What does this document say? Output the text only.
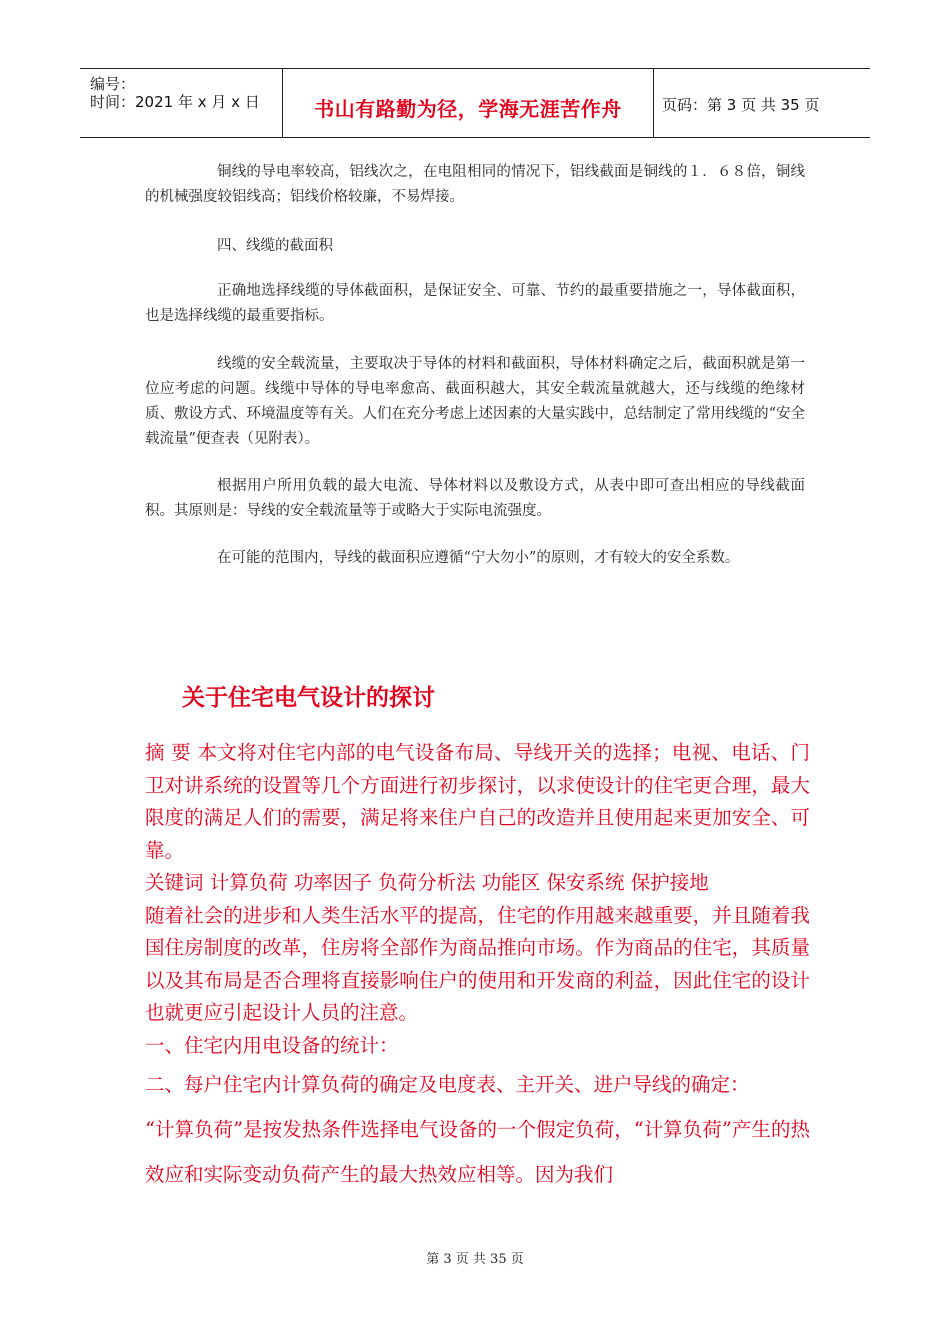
编号：
时间：2021 年 x 月 x 日	书山有路勤为径，学海无涯苦作舟	页码：第 3 页 共 35 页

铜线的导电率较高，铝线次之，在电阻相同的情况下，铝线截面是铜线的１．６８倍，铜线的机械强度较铝线高；铝线价格较廉，不易焊接。

四、线缆的截面积

正确地选择线缆的导体截面积，是保证安全、可靠、节约的最重要措施之一，导体截面积，也是选择线缆的最重要指标。

线缆的安全载流量，主要取决于导体的材料和截面积，导体材料确定之后，截面积就是第一位应考虑的问题。线缆中导体的导电率愈高、截面积越大，其安全载流量就越大，还与线缆的绝缘材质、敷设方式、环境温度等有关。人们在充分考虑上述因素的大量实践中，总结制定了常用线缆的“安全载流量”便查表（见附表）。

根据用户所用负载的最大电流、导体材料以及敷设方式，从表中即可查出相应的导线截面积。其原则是：导线的安全载流量等于或略大于实际电流强度。

在可能的范围内，导线的截面积应遵循“宁大勿小”的原则，才有较大的安全系数。

关于住宅电气设计的探讨

摘 要 本文将对住宅内部的电气设备布局、导线开关的选择；电视、电话、门卫对讲系统的设置等几个方面进行初步探讨，以求使设计的住宅更合理，最大限度的满足人们的需要，满足将来住户自己的改造并且使用起来更加安全、可靠。

关键词 计算负荷 功率因子 负荷分析法 功能区 保安系统 保护接地

随着社会的进步和人类生活水平的提高，住宅的作用越来越重要，并且随着我国住房制度的改革，住房将全部作为商品推向市场。作为商品的住宅，其质量以及其布局是否合理将直接影响住户的使用和开发商的利益，因此住宅的设计也就更应引起设计人员的注意。

一、住宅内用电设备的统计：

二、每户住宅内计算负荷的确定及电度表、主开关、进户导线的确定：

“计算负荷”是按发热条件选择电气设备的一个假定负荷，“计算负荷”产生的热效应和实际变动负荷产生的最大热效应相等。因为我们

第 3 页 共 35 页
